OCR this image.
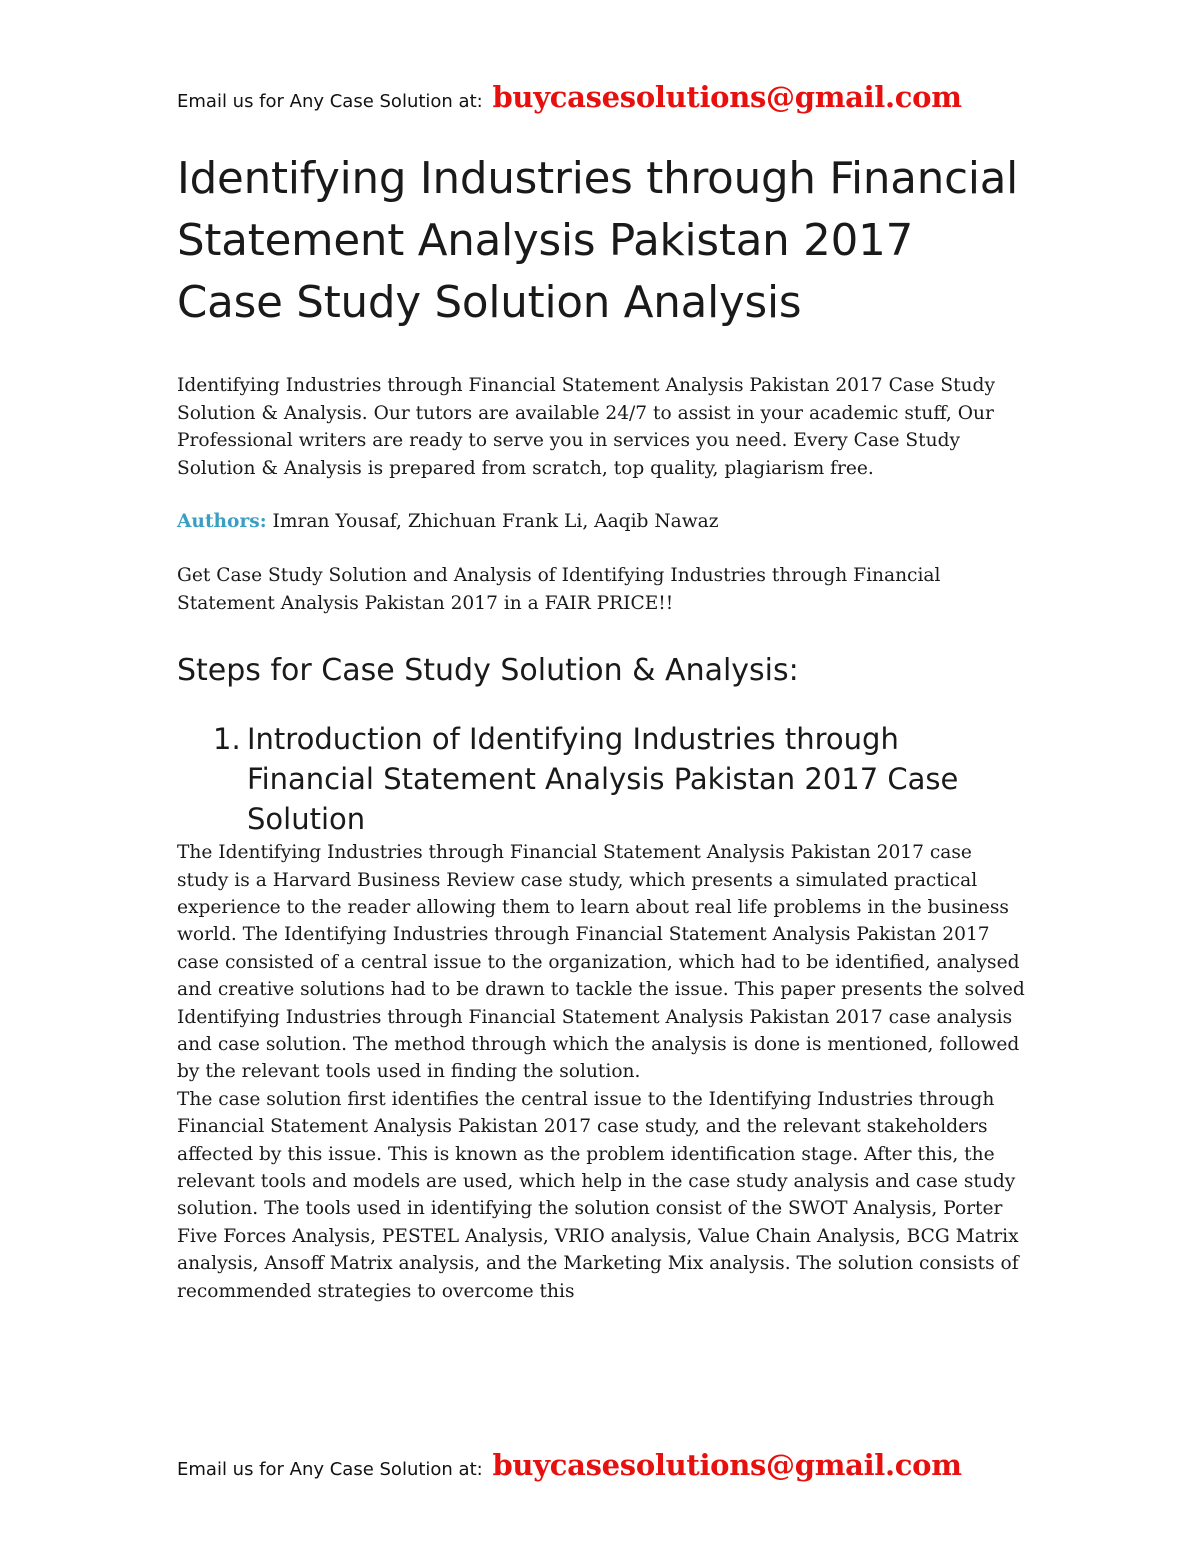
Email us for Any Case Solution at: buycasesolutions@gmail.com
Identifying Industries through Financial Statement Analysis Pakistan 2017 Case Study Solution Analysis

Identifying Industries through Financial Statement Analysis Pakistan 2017 Case Study Solution & Analysis. Our tutors are available 24/7 to assist in your academic stuff, Our Professional writers are ready to serve you in services you need. Every Case Study Solution & Analysis is prepared from scratch, top quality, plagiarism free.

Authors: Imran Yousaf, Zhichuan Frank Li, Aaqib Nawaz

Get Case Study Solution and Analysis of Identifying Industries through Financial Statement Analysis Pakistan 2017 in a FAIR PRICE!!

Steps for Case Study Solution & Analysis:
1. Introduction of Identifying Industries through Financial Statement Analysis Pakistan 2017 Case Solution

The Identifying Industries through Financial Statement Analysis Pakistan 2017 case study is a Harvard Business Review case study, which presents a simulated practical experience to the reader allowing them to learn about real life problems in the business world. The Identifying Industries through Financial Statement Analysis Pakistan 2017 case consisted of a central issue to the organization, which had to be identified, analysed and creative solutions had to be drawn to tackle the issue. This paper presents the solved Identifying Industries through Financial Statement Analysis Pakistan 2017 case analysis and case solution. The method through which the analysis is done is mentioned, followed by the relevant tools used in finding the solution.

The case solution first identifies the central issue to the Identifying Industries through Financial Statement Analysis Pakistan 2017 case study, and the relevant stakeholders affected by this issue. This is known as the problem identification stage. After this, the relevant tools and models are used, which help in the case study analysis and case study solution. The tools used in identifying the solution consist of the SWOT Analysis, Porter Five Forces Analysis, PESTEL Analysis, VRIO analysis, Value Chain Analysis, BCG Matrix analysis, Ansoff Matrix analysis, and the Marketing Mix analysis. The solution consists of recommended strategies to overcome this

Email us for Any Case Solution at: buycasesolutions@gmail.com
